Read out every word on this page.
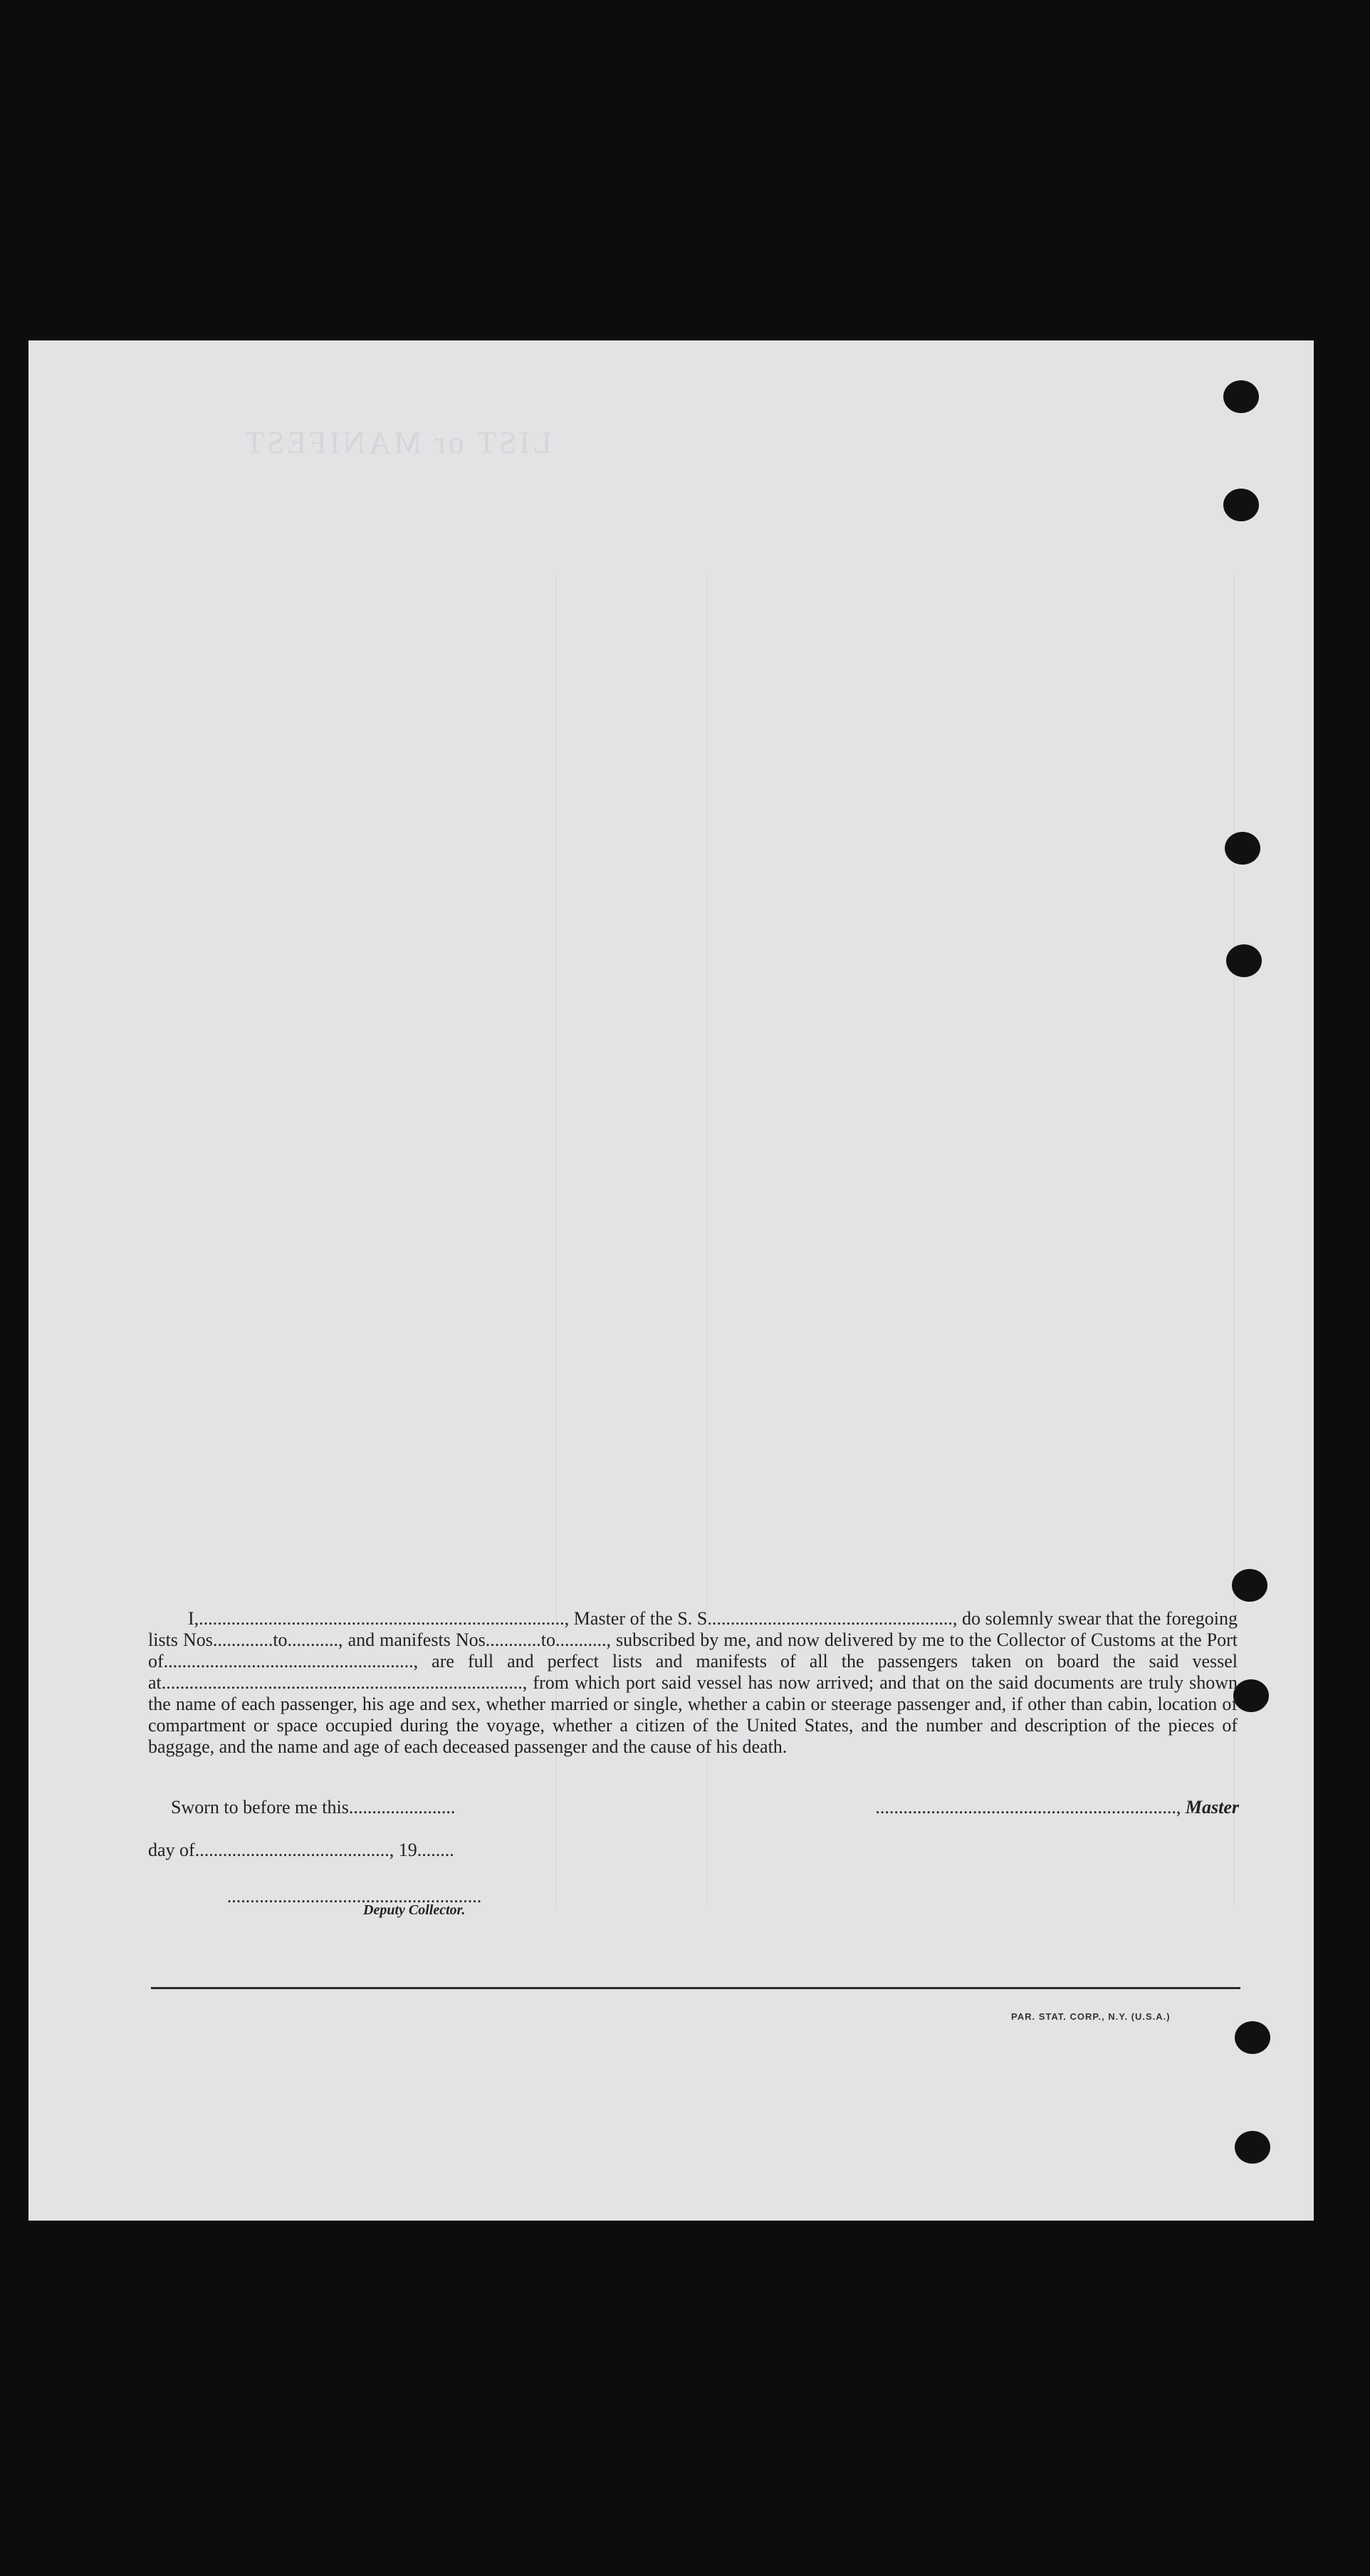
LIST or MANIFEST

I,..............................................................................., Master of the S. S....................................................., do solemnly swear that the foregoing lists Nos.............to..........., and manifests Nos............to..........., subscribed by me, and now delivered by me to the Collector of Customs at the Port of......................................................, are full and perfect lists and manifests of all the passengers taken on board the said vessel at.............................................................................., from which port said vessel has now arrived; and that on the said documents are truly shown the name of each passenger, his age and sex, whether married or single, whether a cabin or steerage passenger and, if other than cabin, location of compartment or space occupied during the voyage, whether a citizen of the United States, and the number and description of the pieces of baggage, and the name and age of each deceased passenger and the cause of his death.

Sworn to before me this.......................	................................................................., Master
day of.........................................., 19........
.......................................................
Deputy Collector.
PAR. STAT. CORP., N.Y. (U.S.A.)
